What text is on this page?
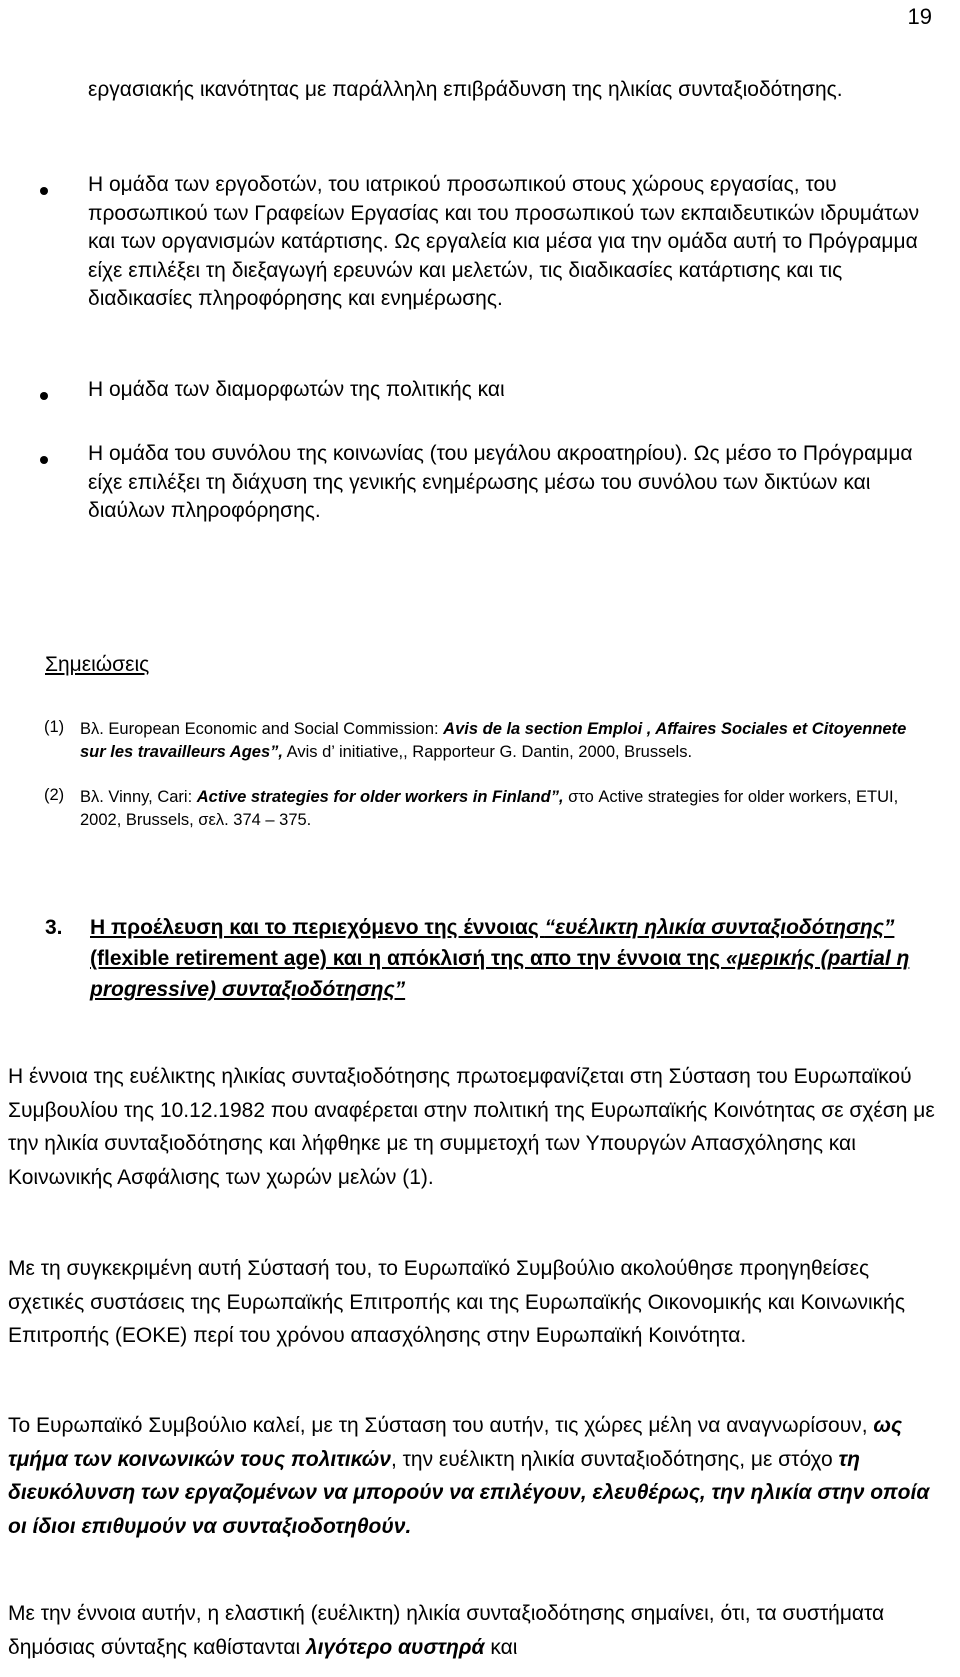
19

εργασιακής ικανότητας με παράλληλη επιβράδυνση της ηλικίας συνταξιοδότησης.

Η ομάδα των εργοδοτών, του ιατρικού προσωπικού στους χώρους εργασίας, του προσωπικού των Γραφείων Εργασίας και του προσωπικού των εκπαιδευτικών ιδρυμάτων και των οργανισμών κατάρτισης. Ως εργαλεία κια μέσα για την ομάδα αυτή το Πρόγραμμα είχε επιλέξει τη διεξαγωγή ερευνών και μελετών, τις διαδικασίες κατάρτισης και τις διαδικασίες πληροφόρησης και ενημέρωσης.

Η ομάδα των διαμορφωτών της πολιτικής και

Η ομάδα του συνόλου της κοινωνίας (του μεγάλου ακροατηρίου). Ως μέσο το Πρόγραμμα είχε επιλέξει τη διάχυση της γενικής ενημέρωσης μέσω του συνόλου των δικτύων και διαύλων πληροφόρησης.

Σημειώσεις
(1) Βλ. European Economic and Social Commission: Avis de la section Emploi , Affaires Sociales et Citoyennete sur les travailleurs Ages”, Avis d’ initiative,, Rapporteur G. Dantin, 2000, Brussels.

(2) Βλ. Vinny, Cari: Active strategies for older workers in Finland”, στο Active strategies for older workers, ETUI, 2002, Brussels, σελ. 374 – 375.

3. Η προέλευση και το περιεχόμενο της έννοιας “ευέλικτη ηλικία συνταξιοδότησης” (flexible retirement age) και η απόκλισή της απο την έννοια της «μερικής (partial η progressive) συνταξιοδότησης”

Η έννοια της ευέλικτης ηλικίας συνταξιοδότησης πρωτοεμφανίζεται στη Σύσταση του Ευρωπαϊκού Συμβουλίου της 10.12.1982 που αναφέρεται στην πολιτική της Ευρωπαϊκής Κοινότητας σε σχέση με την ηλικία συνταξιοδότησης και λήφθηκε με τη συμμετοχή των Υπουργών Απασχόλησης και Κοινωνικής Ασφάλισης των χωρών μελών (1).

Με τη συγκεκριμένη αυτή Σύστασή του, το Ευρωπαϊκό Συμβούλιο ακολούθησε προηγηθείσες σχετικές συστάσεις της Ευρωπαϊκής Επιτροπής και της Ευρωπαϊκής Οικονομικής και Κοινωνικής Επιτροπής (ΕΟΚΕ) περί του χρόνου απασχόλησης στην Ευρωπαϊκή Κοινότητα.

Το Ευρωπαϊκό Συμβούλιο καλεί, με τη Σύσταση του αυτήν, τις χώρες μέλη να αναγνωρίσουν, ως τμήμα των κοινωνικών τους πολιτικών, την ευέλικτη ηλικία συνταξιοδότησης, με στόχο τη διευκόλυνση των εργαζομένων να μπορούν να επιλέγουν, ελευθέρως, την ηλικία στην οποία οι ίδιοι επιθυμούν να συνταξιοδοτηθούν.

Με την έννοια αυτήν, η ελαστική (ευέλικτη) ηλικία συνταξιοδότησης σημαίνει, ότι, τα συστήματα δημόσιας σύνταξης καθίστανται λιγότερο αυστηρά και
